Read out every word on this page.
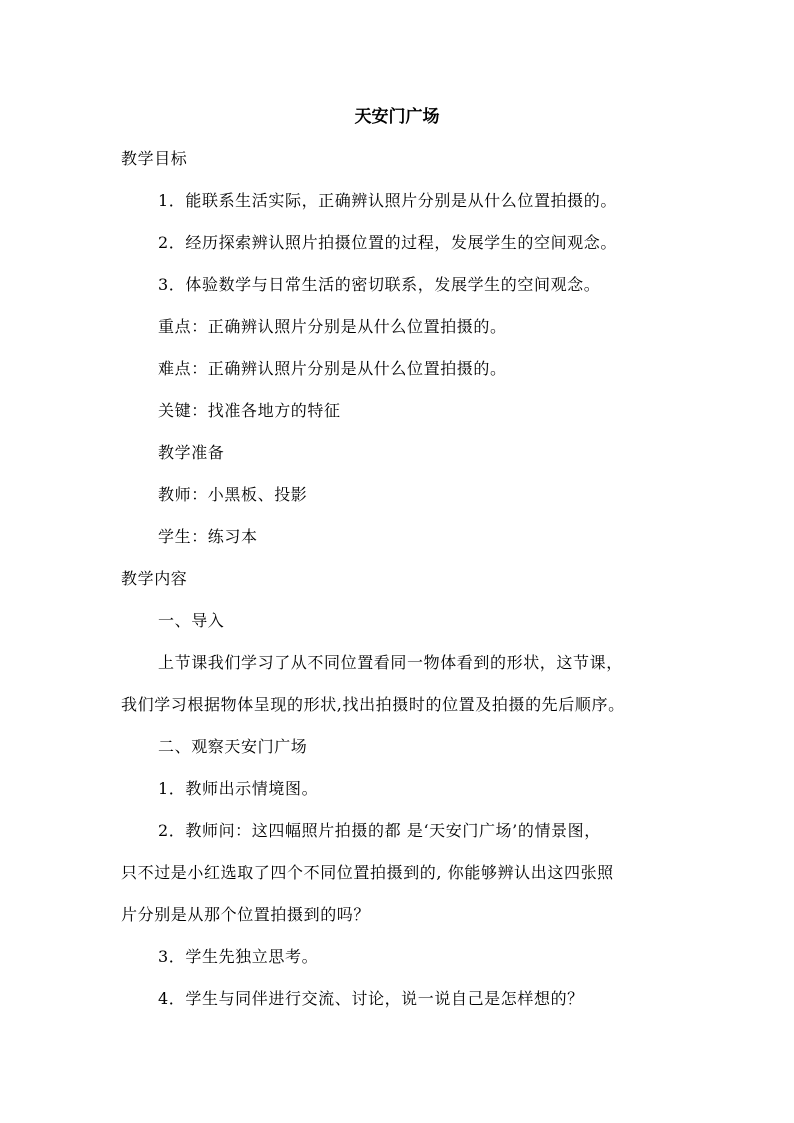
天安门广场
教学目标
1．能联系生活实际，正确辨认照片分别是从什么位置拍摄的。
2．经历探索辨认照片拍摄位置的过程，发展学生的空间观念。
3．体验数学与日常生活的密切联系，发展学生的空间观念。
重点：正确辨认照片分别是从什么位置拍摄的。
难点：正确辨认照片分别是从什么位置拍摄的。
关键：找准各地方的特征
教学准备
教师：小黑板、投影
学生：练习本
教学内容
一、导入
上节课我们学习了从不同位置看同一物体看到的形状，这节课，
我们学习根据物体呈现的形状,找出拍摄时的位置及拍摄的先后顺序。
二、观察天安门广场
1．教师出示情境图。
2．教师问：这四幅照片拍摄的都 是‘天安门广场’的情景图，
只不过是小红选取了四个不同位置拍摄到的, 你能够辨认出这四张照
片分别是从那个位置拍摄到的吗？
3．学生先独立思考。
4．学生与同伴进行交流、讨论，说一说自己是怎样想的？
